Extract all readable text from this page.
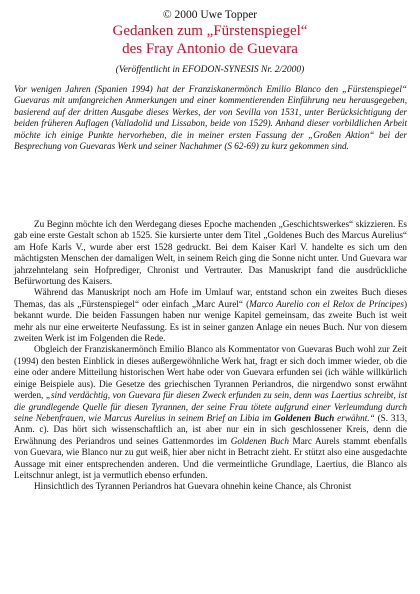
© 2000 Uwe Topper
Gedanken zum „Fürstenspiegel“
des Fray Antonio de Guevara
(Veröffentlicht in EFODON-SYNESIS Nr. 2/2000)

Vor wenigen Jahren (Spanien 1994) hat der Franziskanermönch Emilio Blanco den „Fürstenspiegel“ Guevaras mit umfangreichen Anmerkungen und einer kommentierenden Einführung neu herausgegeben, basierend auf der dritten Ausgabe dieses Werkes, der von Sevilla von 1531, unter Berücksichtigung der beiden früheren Auflagen (Valladolid und Lissabon, beide von 1529). Anhand dieser vorbildlichen Arbeit möchte ich einige Punkte hervorheben, die in meiner ersten Fassung der „Großen Aktion“ bei der Besprechung von Guevaras Werk und seiner Nachahmer (S 62-69) zu kurz gekommen sind.

Zu Beginn möchte ich den Werdegang dieses Epoche machenden „Geschichtswerkes“ skizzieren. Es gab eine erste Gestalt schon ab 1525. Sie kursierte unter dem Titel „Goldenes Buch des Marcus Aurelius“ am Hofe Karls V., wurde aber erst 1528 gedruckt. Bei dem Kaiser Karl V. handelte es sich um den mächtigsten Menschen der damaligen Welt, in seinem Reich ging die Sonne nicht unter. Und Guevara war jahrzehntelang sein Hofprediger, Chronist und Vertrauter. Das Manuskript fand die ausdrückliche Befürwortung des Kaisers.

Während das Manuskript noch am Hofe im Umlauf war, entstand schon ein zweites Buch dieses Themas, das als „Fürstenspiegel“ oder einfach „Marc Aurel“ (Marco Aurelio con el Relox de Príncipes) bekannt wurde. Die beiden Fassungen haben nur wenige Kapitel gemeinsam, das zweite Buch ist weit mehr als nur eine erweiterte Neufassung. Es ist in seiner ganzen Anlage ein neues Buch. Nur von diesem zweiten Werk ist im Folgenden die Rede.

Obgleich der Franziskanermönch Emilio Blanco als Kommentator von Guevaras Buch wohl zur Zeit (1994) den besten Einblick in dieses außergewöhnliche Werk hat, fragt er sich doch immer wieder, ob die eine oder andere Mitteilung historischen Wert habe oder von Guevara erfunden sei (ich wähle willkürlich einige Beispiele aus). Die Gesetze des griechischen Tyrannen Periandros, die nirgendwo sonst erwähnt werden, „sind verdächtig, von Guevara für diesen Zweck erfunden zu sein, denn was Laertius schreibt, ist die grundlegende Quelle für diesen Tyrannen, der seine Frau tötete aufgrund einer Verleumdung durch seine Nebenfrauen, wie Marcus Aurelius in seinem Brief an Libia im Goldenen Buch erwähnt.“ (S. 313, Anm. c). Das hört sich wissenschaftlich an, ist aber nur ein in sich geschlossener Kreis, denn die Erwähnung des Periandros und seines Gattenmordes im Goldenen Buch Marc Aurels stammt ebenfalls von Guevara, wie Blanco nur zu gut weiß, hier aber nicht in Betracht zieht. Er stützt also eine ausgedachte Aussage mit einer entsprechenden anderen. Und die vermeintliche Grundlage, Laertius, die Blanco als Leitschnur anlegt, ist ja vermutlich ebenso erfunden.

Hinsichtlich des Tyrannen Periandros hat Guevara ohnehin keine Chance, als Chronist
